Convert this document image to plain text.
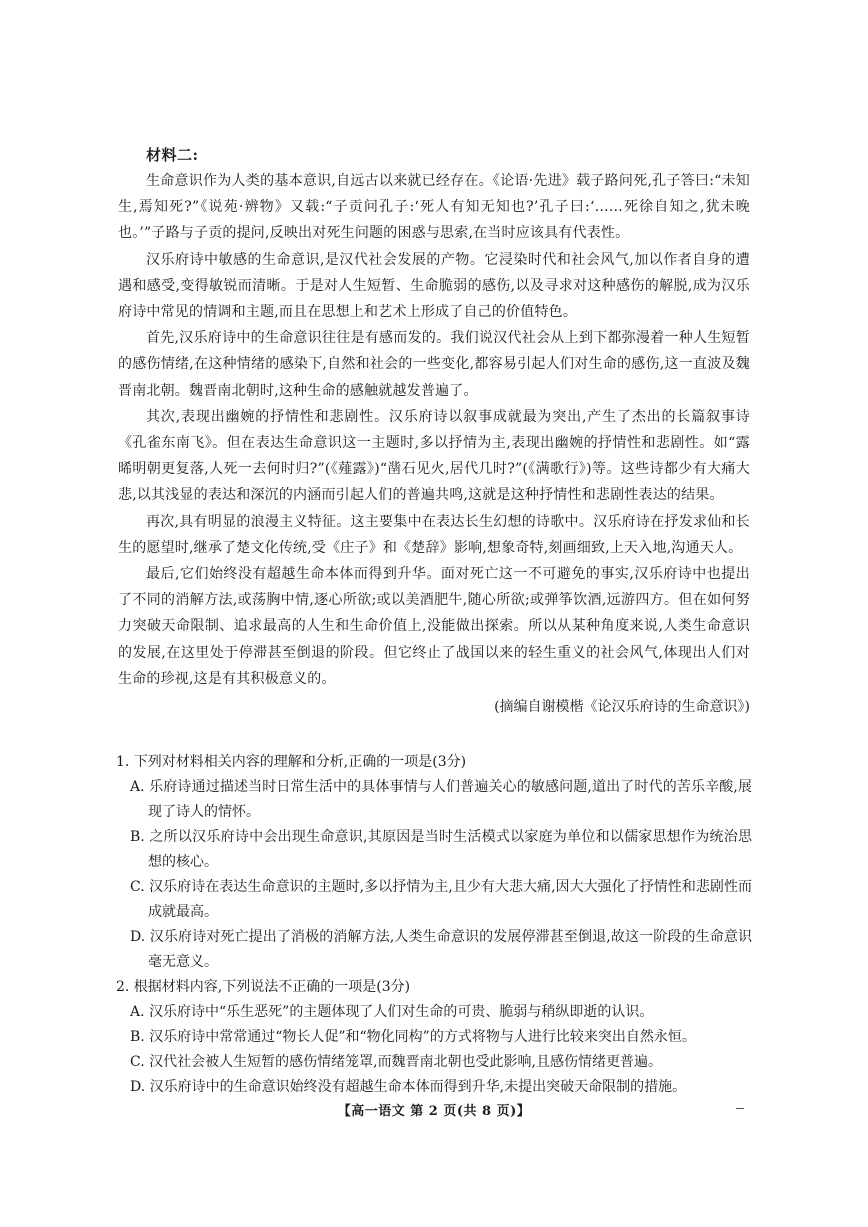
材料二:

生命意识作为人类的基本意识,自远古以来就已经存在。《论语·先进》载子路问死,孔子答曰:“未知生,焉知死?”《说苑·辨物》又载:“子贡问孔子:‘死人有知无知也?’孔子曰:‘……死徐自知之,犹未晚也。’”子路与子贡的提问,反映出对死生问题的困惑与思索,在当时应该具有代表性。

汉乐府诗中敏感的生命意识,是汉代社会发展的产物。它浸染时代和社会风气,加以作者自身的遭遇和感受,变得敏锐而清晰。于是对人生短暂、生命脆弱的感伤,以及寻求对这种感伤的解脱,成为汉乐府诗中常见的情调和主题,而且在思想上和艺术上形成了自己的价值特色。

首先,汉乐府诗中的生命意识往往是有感而发的。我们说汉代社会从上到下都弥漫着一种人生短暂的感伤情绪,在这种情绪的感染下,自然和社会的一些变化,都容易引起人们对生命的感伤,这一直波及魏晋南北朝。魏晋南北朝时,这种生命的感触就越发普遍了。

其次,表现出幽婉的抒情性和悲剧性。汉乐府诗以叙事成就最为突出,产生了杰出的长篇叙事诗《孔雀东南飞》。但在表达生命意识这一主题时,多以抒情为主,表现出幽婉的抒情性和悲剧性。如“露晞明朝更复落,人死一去何时归?”(《薤露》)“凿石见火,居代几时?”(《满歌行》)等。这些诗都少有大痛大悲,以其浅显的表达和深沉的内涵而引起人们的普遍共鸣,这就是这种抒情性和悲剧性表达的结果。

再次,具有明显的浪漫主义特征。这主要集中在表达长生幻想的诗歌中。汉乐府诗在抒发求仙和长生的愿望时,继承了楚文化传统,受《庄子》和《楚辞》影响,想象奇特,刻画细致,上天入地,沟通天人。

最后,它们始终没有超越生命本体而得到升华。面对死亡这一不可避免的事实,汉乐府诗中也提出了不同的消解方法,或荡胸中情,逐心所欲;或以美酒肥牛,随心所欲;或弹筝饮酒,远游四方。但在如何努力突破天命限制、追求最高的人生和生命价值上,没能做出探索。所以从某种角度来说,人类生命意识的发展,在这里处于停滞甚至倒退的阶段。但它终止了战国以来的轻生重义的社会风气,体现出人们对生命的珍视,这是有其积极意义的。

(摘编自谢模楷《论汉乐府诗的生命意识》)
1. 下列对材料相关内容的理解和分析,正确的一项是(3分)
A. 乐府诗通过描述当时日常生活中的具体事情与人们普遍关心的敏感问题,道出了时代的苦乐辛酸,展现了诗人的情怀。
B. 之所以汉乐府诗中会出现生命意识,其原因是当时生活模式以家庭为单位和以儒家思想作为统治思想的核心。
C. 汉乐府诗在表达生命意识的主题时,多以抒情为主,且少有大悲大痛,因大大强化了抒情性和悲剧性而成就最高。
D. 汉乐府诗对死亡提出了消极的消解方法,人类生命意识的发展停滞甚至倒退,故这一阶段的生命意识毫无意义。
2. 根据材料内容,下列说法不正确的一项是(3分)
A. 汉乐府诗中“乐生恶死”的主题体现了人们对生命的可贵、脆弱与稍纵即逝的认识。
B. 汉乐府诗中常常通过“物长人促”和“物化同构”的方式将物与人进行比较来突出自然永恒。
C. 汉代社会被人生短暂的感伤情绪笼罩,而魏晋南北朝也受此影响,且感伤情绪更普遍。
D. 汉乐府诗中的生命意识始终没有超越生命本体而得到升华,未提出突破天命限制的措施。
【高一语文 第 2 页(共 8 页)】
